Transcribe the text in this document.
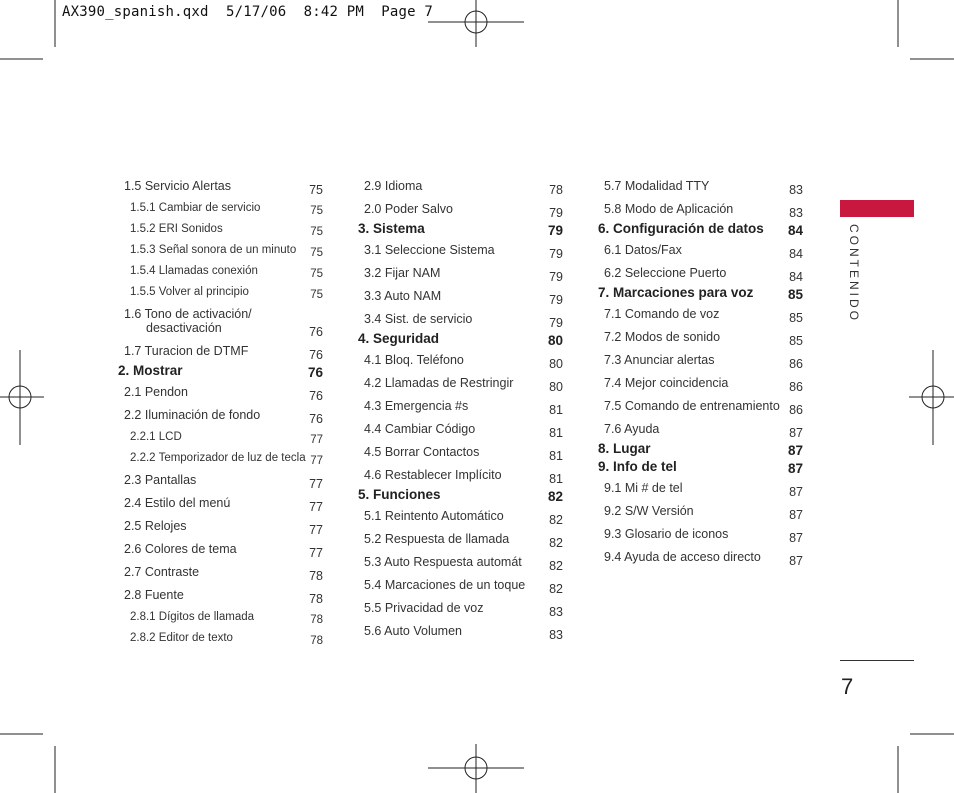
AX390_spanish.qxd  5/17/06  8:42 PM  Page 7
1.5 Servicio Alertas	75
1.5.1 Cambiar de servicio	75
1.5.2 ERI Sonidos	75
1.5.3 Señal sonora de un minuto	75
1.5.4 Llamadas conexión	75
1.5.5 Volver al principio	75
1.6 Tono de activación/
desactivación	76
1.7 Turacion de DTMF	76
2. Mostrar	76
2.1 Pendon	76
2.2 Iluminación de fondo	76
2.2.1 LCD	77
2.2.2 Temporizador de luz de tecla 77
2.3 Pantallas	77
2.4 Estilo del menú	77
2.5 Relojes	77
2.6 Colores de tema	77
2.7 Contraste	78
2.8 Fuente	78
2.8.1 Dígitos de llamada	78
2.8.2 Editor de texto	78
2.9 Idioma	78
2.0 Poder Salvo	79
3. Sistema	79
3.1 Seleccione Sistema	79
3.2 Fijar NAM	79
3.3 Auto NAM	79
3.4 Sist. de servicio	79
4. Seguridad	80
4.1 Bloq. Teléfono	80
4.2 Llamadas de Restringir	80
4.3 Emergencia #s	81
4.4 Cambiar Código	81
4.5 Borrar Contactos	81
4.6 Restablecer Implícito	81
5. Funciones	82
5.1 Reintento Automático	82
5.2 Respuesta de llamada	82
5.3 Auto Respuesta automát	82
5.4 Marcaciones de un toque	82
5.5 Privacidad de voz	83
5.6 Auto Volumen	83
5.7 Modalidad TTY	83
5.8 Modo de Aplicación	83
6. Configuración de datos	84
6.1 Datos/Fax	84
6.2 Seleccione Puerto	84
7. Marcaciones para voz	85
7.1 Comando de voz	85
7.2 Modos de sonido	85
7.3 Anunciar alertas	86
7.4 Mejor coincidencia	86
7.5 Comando de entrenamiento 86
7.6 Ayuda	87
8. Lugar	87
9. Info de tel	87
9.1 Mi # de tel	87
9.2 S/W Versión	87
9.3 Glosario de iconos	87
9.4 Ayuda de acceso directo	87
CONTENIDO
7
